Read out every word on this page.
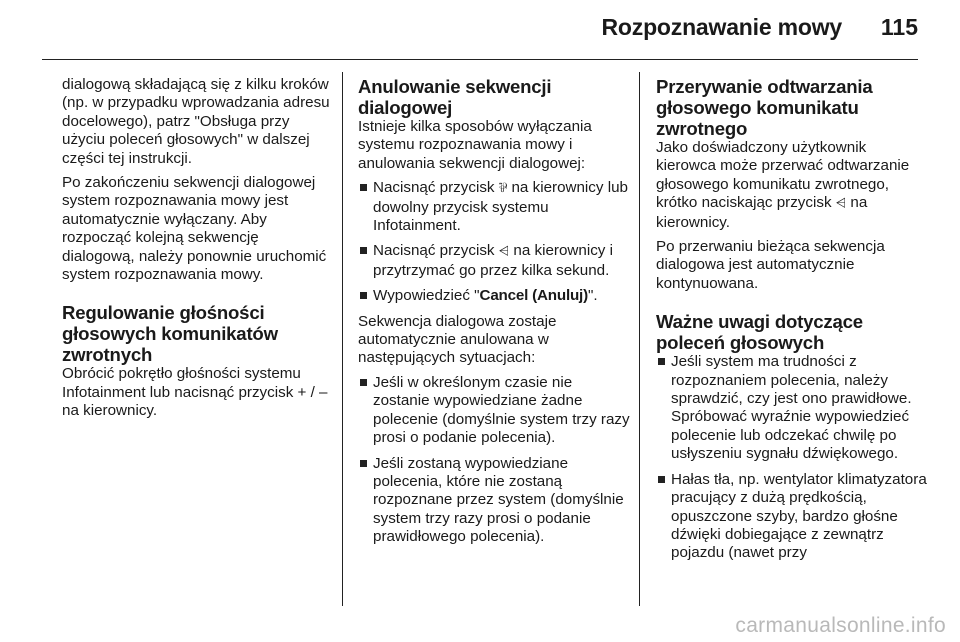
Rozpoznawanie mowy 115

dialogową składającą się z kilku kroków (np. w przypadku wprowadzania adresu docelowego), patrz "Obsługa przy użyciu poleceń głosowych" w dalszej części tej instrukcji.

Po zakończeniu sekwencji dialogowej system rozpoznawania mowy jest automatycznie wyłączany. Aby rozpocząć kolejną sekwencję dialogową, należy ponownie uruchomić system rozpoznawania mowy.

Regulowanie głośności głosowych komunikatów zwrotnych

Obrócić pokrętło głośności systemu Infotainment lub nacisnąć przycisk + / – na kierownicy.

Anulowanie sekwencji dialogowej

Istnieje kilka sposobów wyłączania systemu rozpoznawania mowy i anulowania sekwencji dialogowej:

Nacisnąć przycisk ⅌ na kierownicy lub dowolny przycisk systemu Infotainment.
Nacisnąć przycisk ⩤ na kierownicy i przytrzymać go przez kilka sekund.
Wypowiedzieć "Cancel (Anuluj)".

Sekwencja dialogowa zostaje automatycznie anulowana w następujących sytuacjach:

Jeśli w określonym czasie nie zostanie wypowiedziane żadne polecenie (domyślnie system trzy razy prosi o podanie polecenia).
Jeśli zostaną wypowiedziane polecenia, które nie zostaną rozpoznane przez system (domyślnie system trzy razy prosi o podanie prawidłowego polecenia).
Przerywanie odtwarzania głosowego komunikatu zwrotnego

Jako doświadczony użytkownik kierowca może przerwać odtwarzanie głosowego komunikatu zwrotnego, krótko naciskając przycisk ⩤ na kierownicy.

Po przerwaniu bieżąca sekwencja dialogowa jest automatycznie kontynuowana.

Ważne uwagi dotyczące poleceń głosowych
Jeśli system ma trudności z rozpoznaniem polecenia, należy sprawdzić, czy jest ono prawidłowe. Spróbować wyraźnie wypowiedzieć polecenie lub odczekać chwilę po usłyszeniu sygnału dźwiękowego.
Hałas tła, np. wentylator klimatyzatora pracujący z dużą prędkością, opuszczone szyby, bardzo głośne dźwięki dobiegające z zewnątrz pojazdu (nawet przy
carmanualsonline.info
